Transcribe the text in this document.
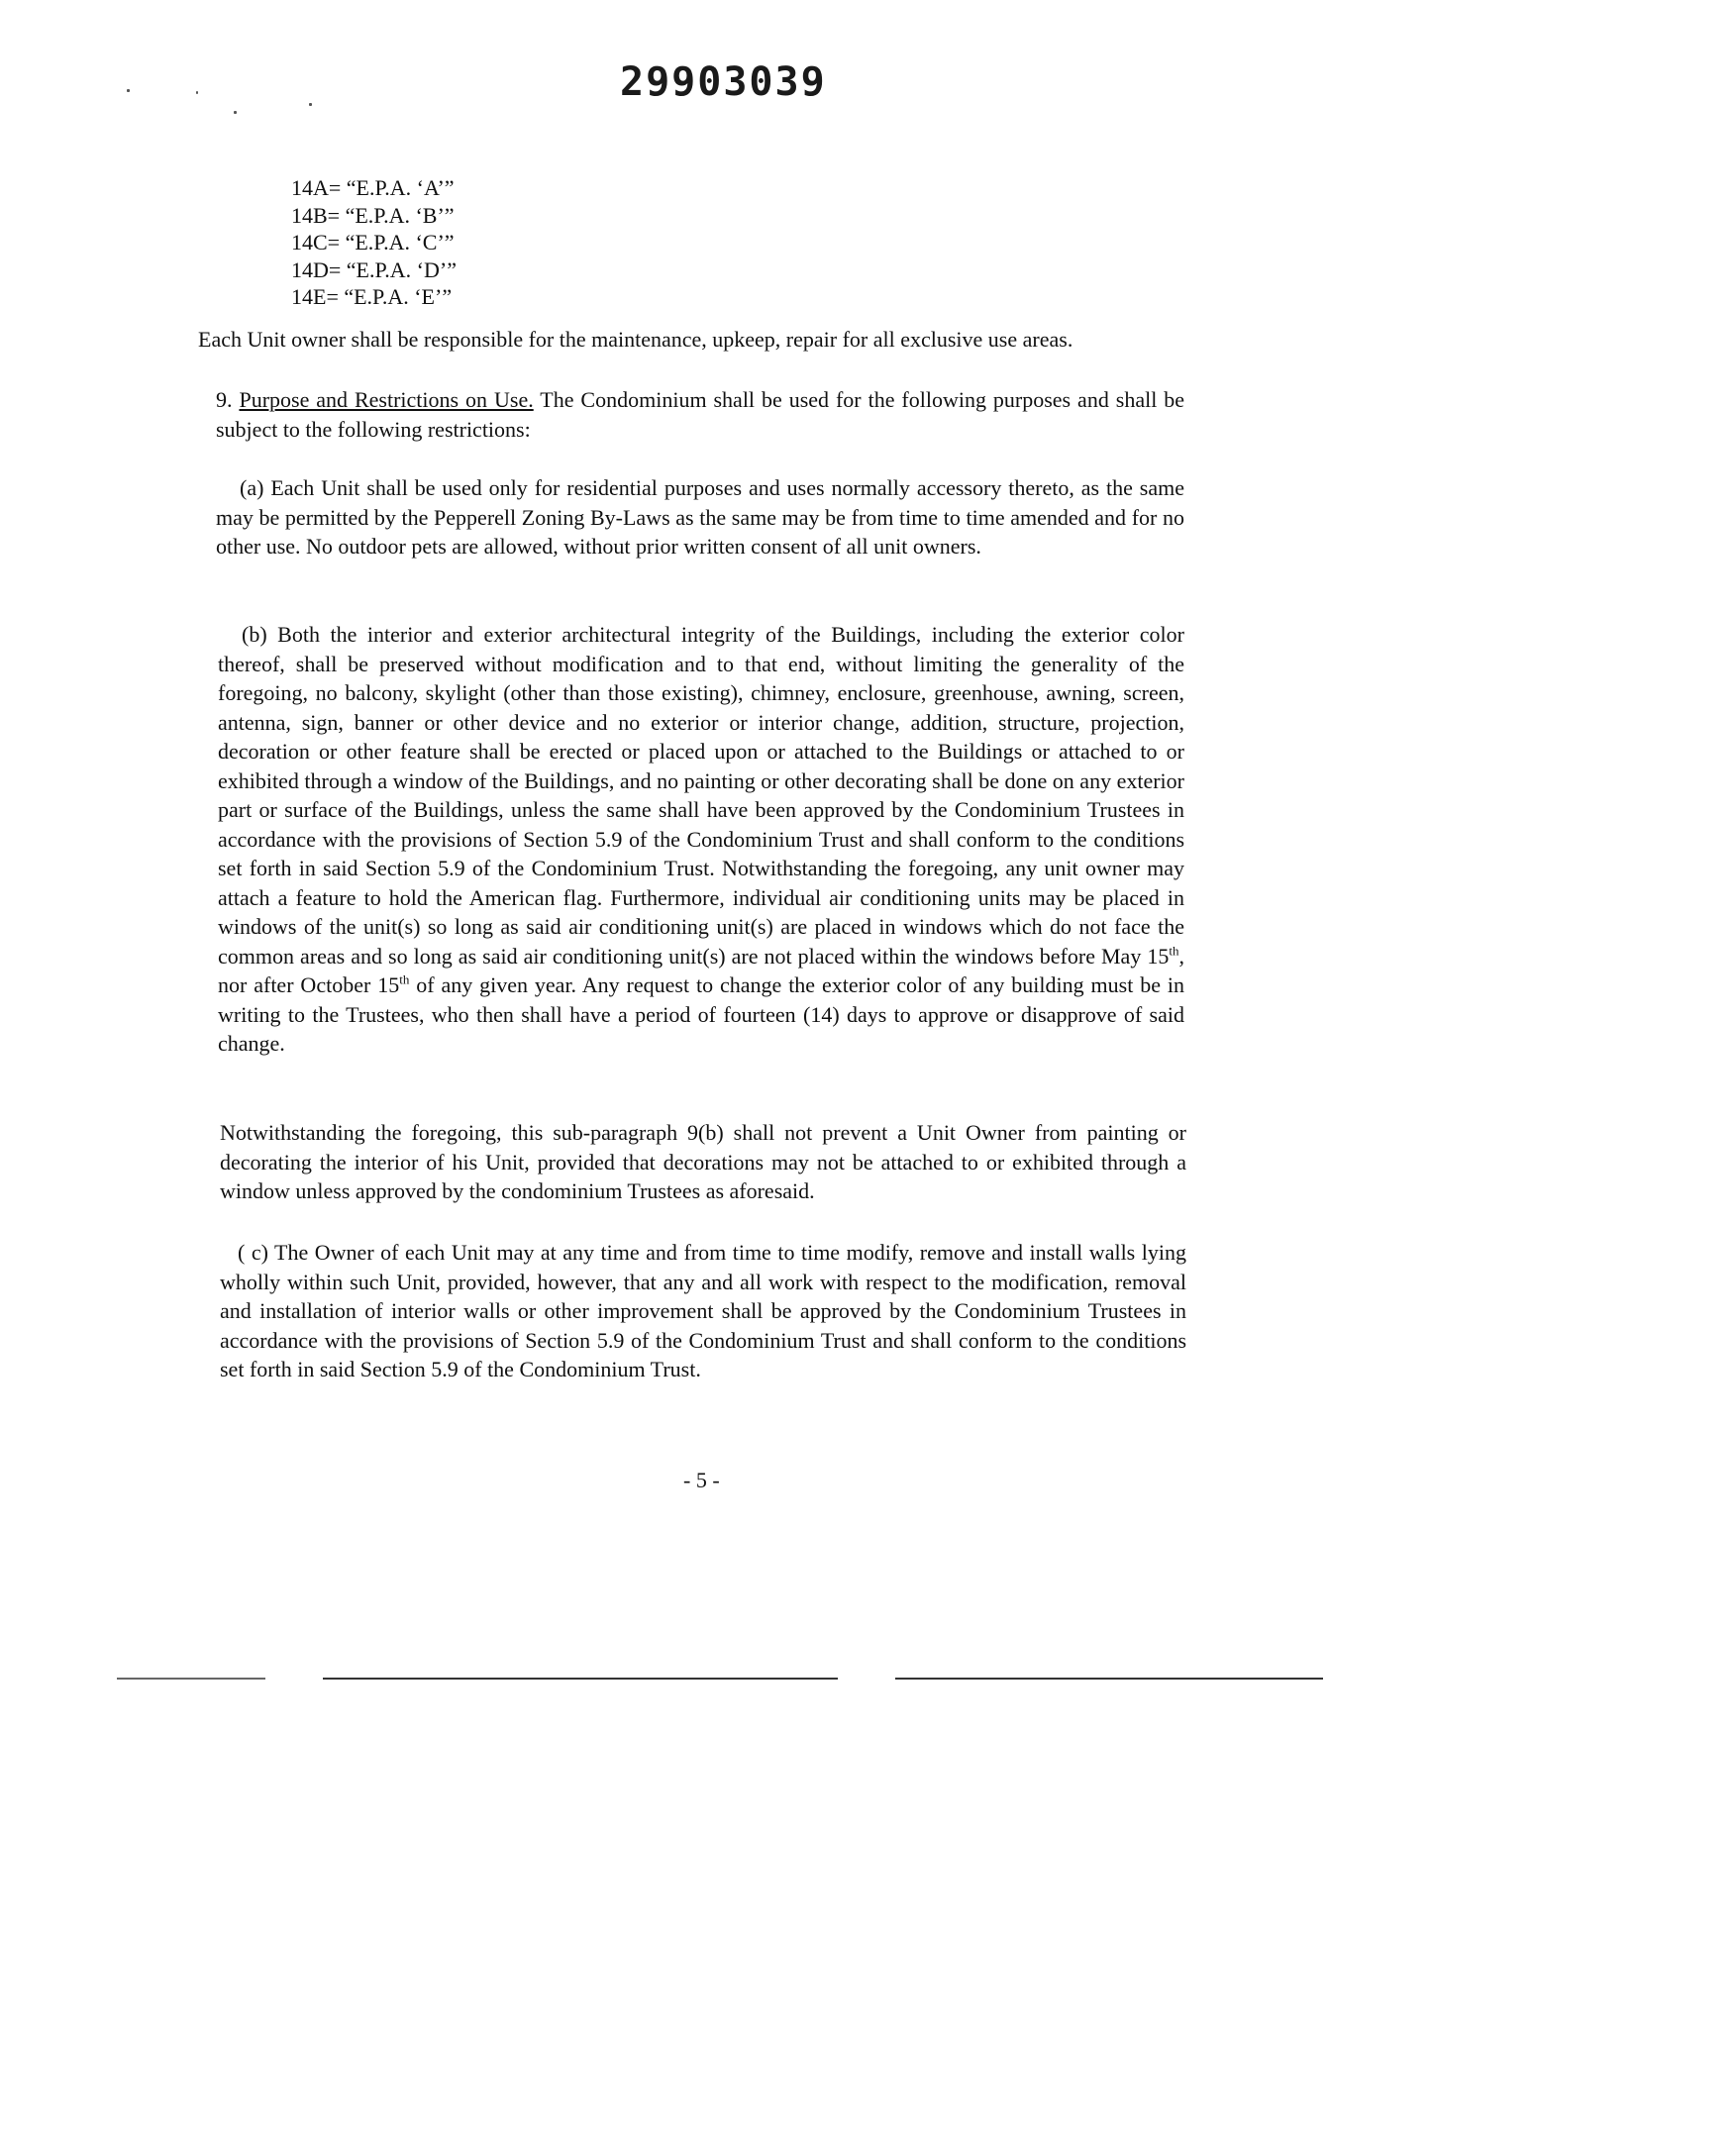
29903039
14A= “E.P.A. ‘A’”
14B= “E.P.A. ‘B’”
14C= “E.P.A. ‘C’”
14D= “E.P.A. ‘D’”
14E= “E.P.A. ‘E’”
Each Unit owner shall be responsible for the maintenance, upkeep, repair for all exclusive use areas.
9. Purpose and Restrictions on Use. The Condominium shall be used for the following purposes and shall be subject to the following restrictions:
(a) Each Unit shall be used only for residential purposes and uses normally accessory thereto, as the same may be permitted by the Pepperell Zoning By-Laws as the same may be from time to time amended and for no other use. No outdoor pets are allowed, without prior written consent of all unit owners.
(b) Both the interior and exterior architectural integrity of the Buildings, including the exterior color thereof, shall be preserved without modification and to that end, without limiting the generality of the foregoing, no balcony, skylight (other than those existing), chimney, enclosure, greenhouse, awning, screen, antenna, sign, banner or other device and no exterior or interior change, addition, structure, projection, decoration or other feature shall be erected or placed upon or attached to the Buildings or attached to or exhibited through a window of the Buildings, and no painting or other decorating shall be done on any exterior part or surface of the Buildings, unless the same shall have been approved by the Condominium Trustees in accordance with the provisions of Section 5.9 of the Condominium Trust and shall conform to the conditions set forth in said Section 5.9 of the Condominium Trust. Notwithstanding the foregoing, any unit owner may attach a feature to hold the American flag. Furthermore, individual air conditioning units may be placed in windows of the unit(s) so long as said air conditioning unit(s) are placed in windows which do not face the common areas and so long as said air conditioning unit(s) are not placed within the windows before May 15th, nor after October 15th of any given year. Any request to change the exterior color of any building must be in writing to the Trustees, who then shall have a period of fourteen (14) days to approve or disapprove of said change.
Notwithstanding the foregoing, this sub-paragraph 9(b) shall not prevent a Unit Owner from painting or decorating the interior of his Unit, provided that decorations may not be attached to or exhibited through a window unless approved by the condominium Trustees as aforesaid.
( c) The Owner of each Unit may at any time and from time to time modify, remove and install walls lying wholly within such Unit, provided, however, that any and all work with respect to the modification, removal and installation of interior walls or other improvement shall be approved by the Condominium Trustees in accordance with the provisions of Section 5.9 of the Condominium Trust and shall conform to the conditions set forth in said Section 5.9 of the Condominium Trust.
- 5 -
